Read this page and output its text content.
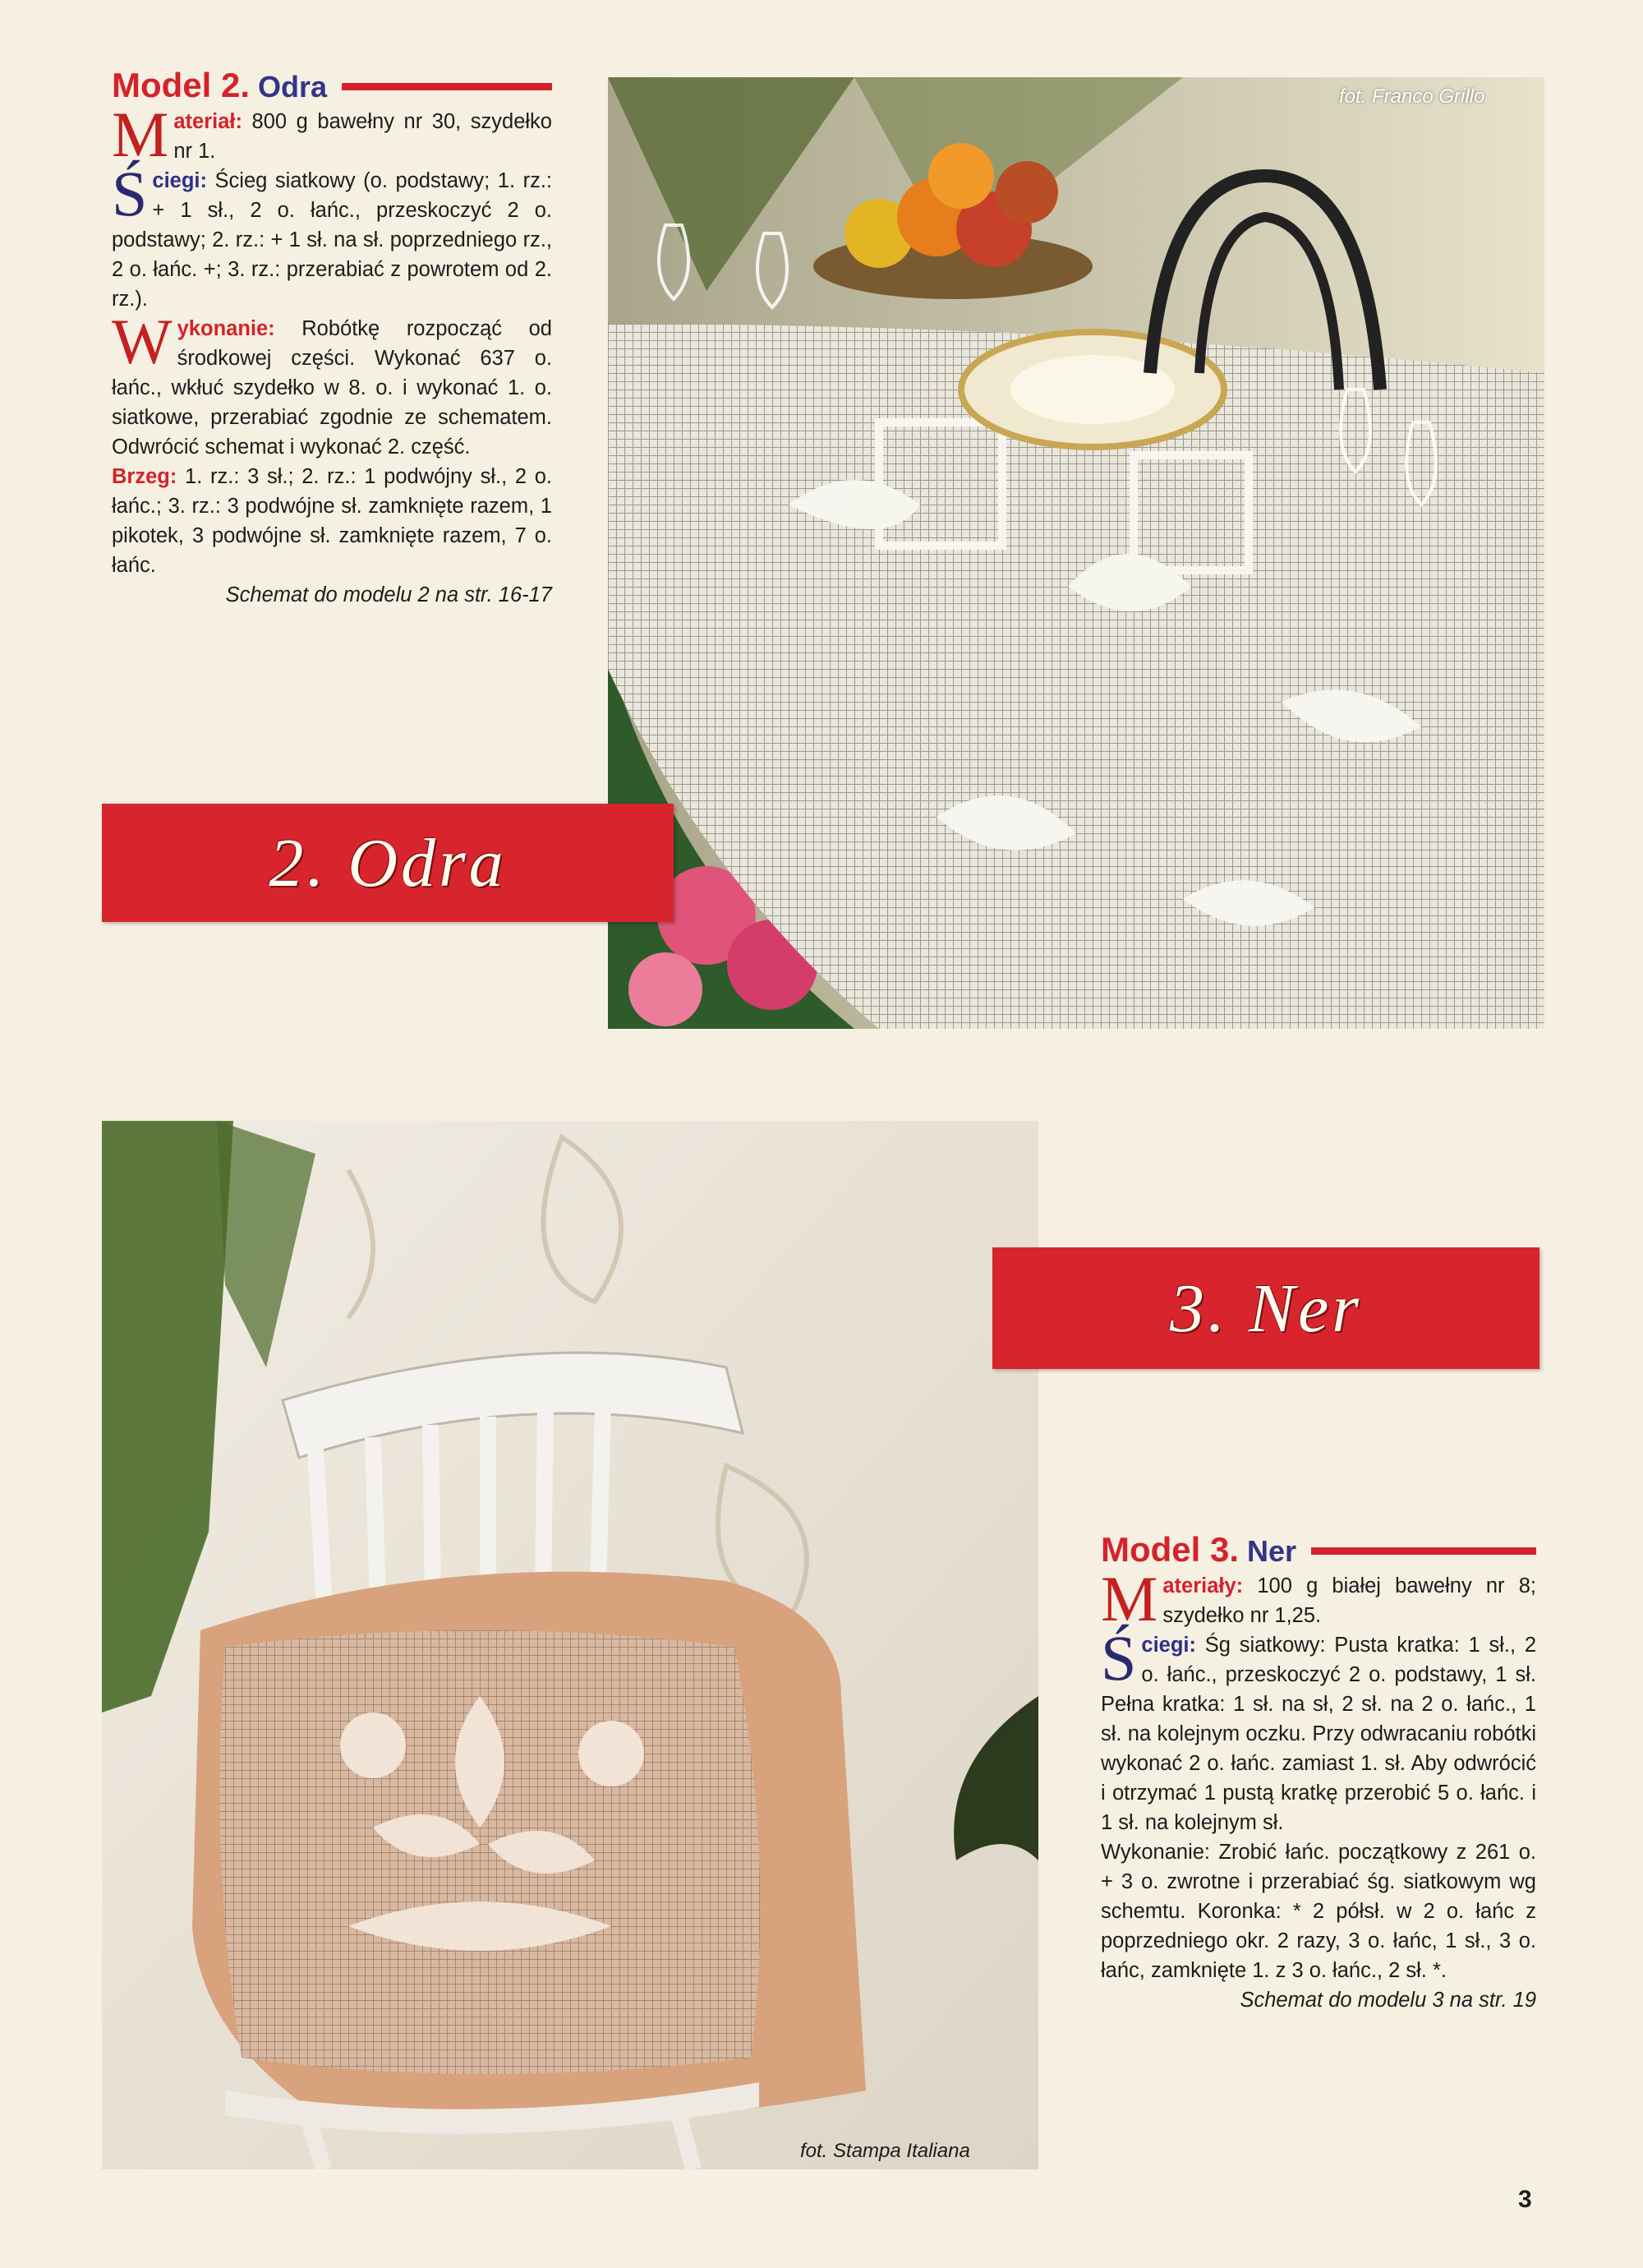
Model 2. Odra

Materiał: 800 g bawełny nr 30, szydełko nr 1.

Ściegi: Ścieg siatkowy (o. podstawy; 1. rz.: + 1 sł., 2 o. łańc., przeskoczyć 2 o. podstawy; 2. rz.: + 1 sł. na sł. poprzedniego rz., 2 o. łańc. +; 3. rz.: przerabiać z powrotem od 2. rz.).

Wykonanie: Robótkę rozpocząć od środkowej części. Wykonać 637 o. łańc., wkłuć szydełko w 8. o. i wykonać 1. o. siatkowe, przerabiać zgodnie ze schematem. Odwrócić schemat i wykonać 2. część.

Brzeg: 1. rz.: 3 sł.; 2. rz.: 1 podwójny sł., 2 o. łańc.; 3. rz.: 3 podwójne sł. zamknięte razem, 1 pikotek, 3 podwójne sł. zamknięte razem, 7 o. łańc.

Schemat do modelu 2 na str. 16-17
fot. Franco Grillo
2. Odra
fot. Stampa Italiana
3. Ner
Model 3. Ner

Materiały: 100 g białej bawełny nr 8; szydełko nr 1,25.

Ściegi: Śg siatkowy: Pusta kratka: 1 sł., 2 o. łańc., przeskoczyć 2 o. podstawy, 1 sł. Pełna kratka: 1 sł. na sł, 2 sł. na 2 o. łańc., 1 sł. na kolejnym oczku. Przy odwracaniu robótki wykonać 2 o. łańc. zamiast 1. sł. Aby odwrócić i otrzymać 1 pustą kratkę przerobić 5 o. łańc. i 1 sł. na kolejnym sł.

Wykonanie: Zrobić łańc. początkowy z 261 o. + 3 o. zwrotne i przerabiać śg. siatkowym wg schemtu. Koronka: * 2 półsł. w 2 o. łańc z poprzedniego okr. 2 razy, 3 o. łańc, 1 sł., 3 o. łańc, zamknięte 1. z 3 o. łańc., 2 sł. *.

Schemat do modelu 3 na str. 19
3
